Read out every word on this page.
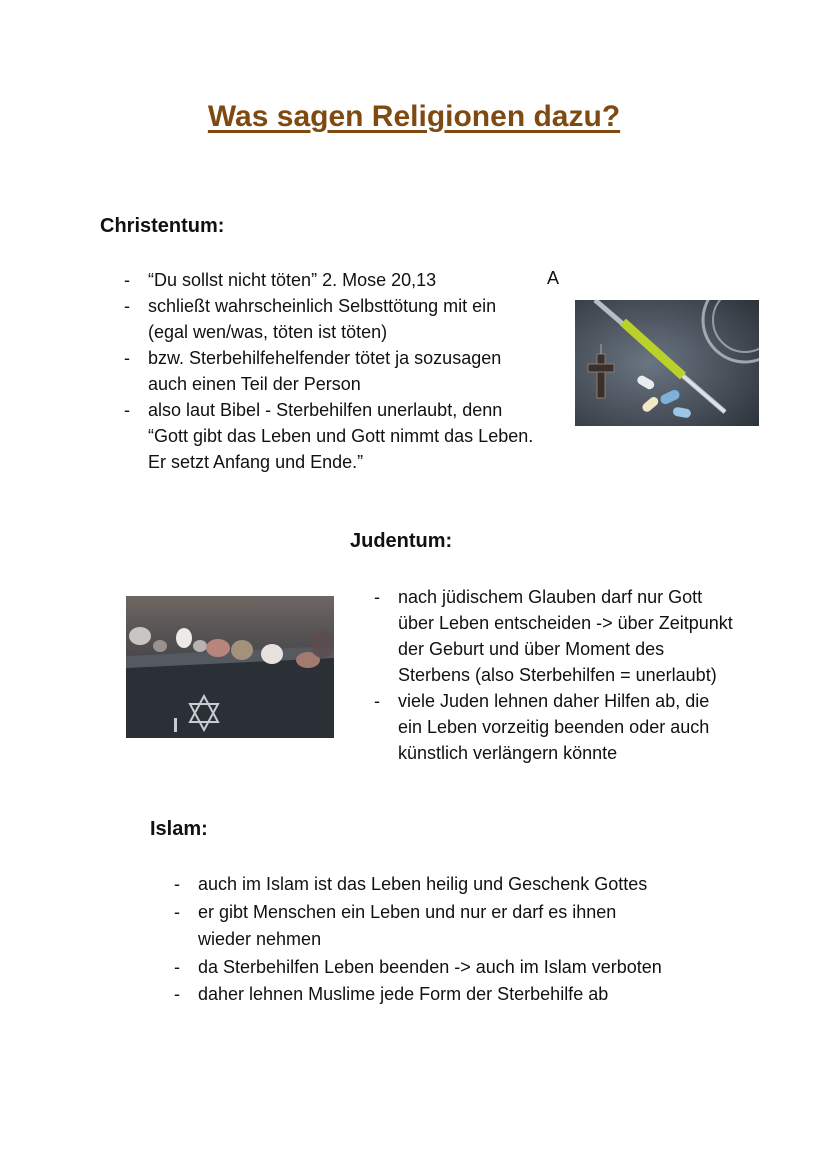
Was sagen Religionen dazu?
Christentum:
- “Du sollst nicht töten” 2. Mose 20,13
- schließt wahrscheinlich Selbsttötung mit ein (egal wen/was, töten ist töten)
- bzw. Sterbehilfehelfender tötet ja sozusagen auch einen Teil der Person
- also laut Bibel - Sterbehilfen unerlaubt, denn “Gott gibt das Leben und Gott nimmt das Leben. Er setzt Anfang und Ende.”
A
Judentum:
- nach jüdischem Glauben darf nur Gott über Leben entscheiden -> über Zeitpunkt der Geburt und über Moment des Sterbens (also Sterbehilfen = unerlaubt)
- viele Juden lehnen daher Hilfen ab, die ein Leben vorzeitig beenden oder auch künstlich verlängern könnte
Islam:
- auch im Islam ist das Leben heilig und Geschenk Gottes
- er gibt Menschen ein Leben und nur er darf es ihnen wieder nehmen
- da Sterbehilfen Leben beenden -> auch im Islam verboten
- daher lehnen Muslime jede Form der Sterbehilfe ab
